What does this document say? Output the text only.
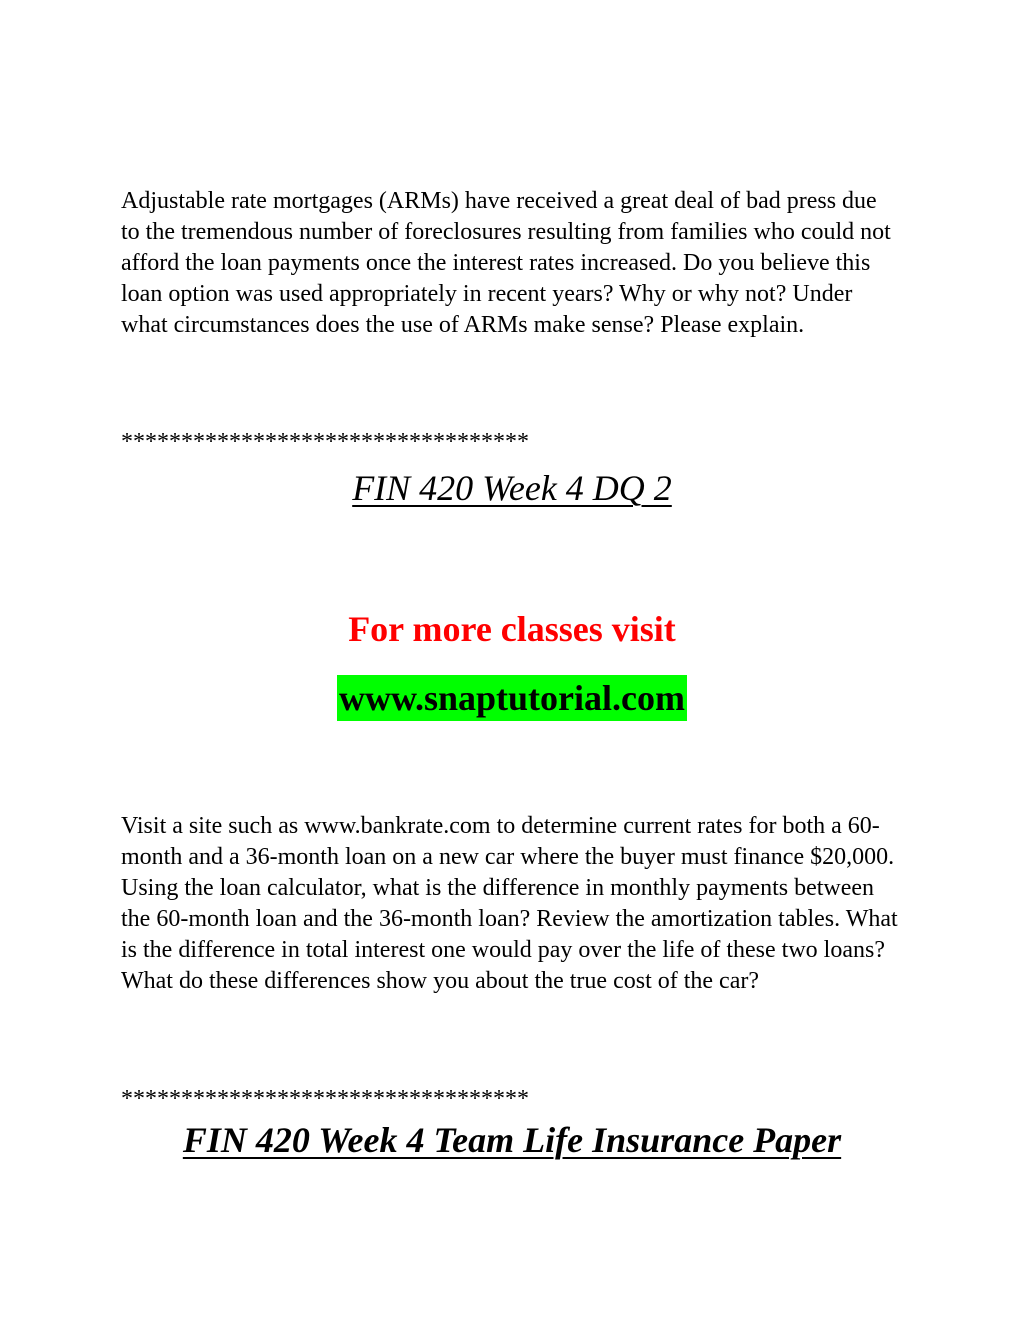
Adjustable rate mortgages (ARMs) have received a great deal of bad press due to the tremendous number of foreclosures resulting from families who could not afford the loan payments once the interest rates increased. Do you believe this loan option was used appropriately in recent years? Why or why not? Under what circumstances does the use of ARMs make sense? Please explain.

**********************************

FIN 420 Week 4 DQ 2

For more classes visit

www.snaptutorial.com

Visit a site such as www.bankrate.com to determine current rates for both a 60-month and a 36-month loan on a new car where the buyer must finance $20,000. Using the loan calculator, what is the difference in monthly payments between the 60-month loan and the 36-month loan? Review the amortization tables. What is the difference in total interest one would pay over the life of these two loans? What do these differences show you about the true cost of the car?

**********************************

FIN 420 Week 4 Team Life Insurance Paper
